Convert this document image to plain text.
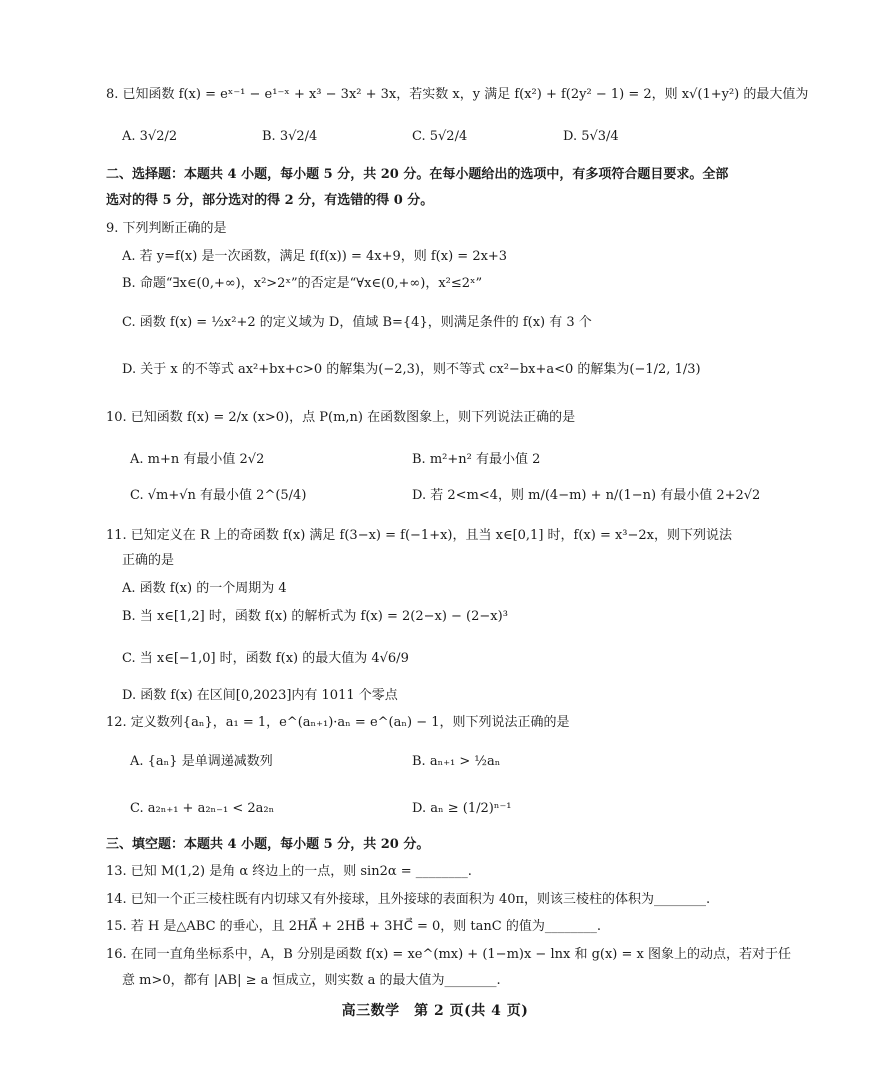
8. 已知函数 f(x) = eˣ⁻¹ − e¹⁻ˣ + x³ − 3x² + 3x，若实数 x，y 满足 f(x²) + f(2y² − 1) = 2，则 x√(1+y²) 的最大值为
A. 3√2/2	B. 3√2/4	C. 5√2/4	D. 5√3/4
二、选择题：本题共 4 小题，每小题 5 分，共 20 分。在每小题给出的选项中，有多项符合题目要求。全部
选对的得 5 分，部分选对的得 2 分，有选错的得 0 分。
9. 下列判断正确的是
A. 若 y=f(x) 是一次函数，满足 f(f(x)) = 4x+9，则 f(x) = 2x+3
B. 命题“∃x∈(0,+∞)，x²>2ˣ”的否定是“∀x∈(0,+∞)，x²≤2ˣ”
C. 函数 f(x) = ½x²+2 的定义域为 D，值域 B={4}，则满足条件的 f(x) 有 3 个
D. 关于 x 的不等式 ax²+bx+c>0 的解集为(−2,3)，则不等式 cx²−bx+a<0 的解集为(−1/2, 1/3)
10. 已知函数 f(x) = 2/x (x>0)，点 P(m,n) 在函数图象上，则下列说法正确的是
A. m+n 有最小值 2√2	B. m²+n² 有最小值 2
C. √m+√n 有最小值 2^(5/4)	D. 若 2<m<4，则 m/(4−m) + n/(1−n) 有最小值 2+2√2
11. 已知定义在 R 上的奇函数 f(x) 满足 f(3−x) = f(−1+x)，且当 x∈[0,1] 时，f(x) = x³−2x，则下列说法
正确的是
A. 函数 f(x) 的一个周期为 4
B. 当 x∈[1,2] 时，函数 f(x) 的解析式为 f(x) = 2(2−x) − (2−x)³
C. 当 x∈[−1,0] 时，函数 f(x) 的最大值为 4√6/9
D. 函数 f(x) 在区间[0,2023]内有 1011 个零点
12. 定义数列{aₙ}，a₁ = 1，e^(aₙ₊₁)·aₙ = e^(aₙ) − 1，则下列说法正确的是
A. {aₙ} 是单调递减数列	B. aₙ₊₁ > ½aₙ
C. a₂ₙ₊₁ + a₂ₙ₋₁ < 2a₂ₙ	D. aₙ ≥ (1/2)ⁿ⁻¹
三、填空题：本题共 4 小题，每小题 5 分，共 20 分。
13. 已知 M(1,2) 是角 α 终边上的一点，则 sin2α = ________.
14. 已知一个正三棱柱既有内切球又有外接球，且外接球的表面积为 40π，则该三棱柱的体积为________.
15. 若 H 是△ABC 的垂心，且 2HA⃗ + 2HB⃗ + 3HC⃗ = 0，则 tanC 的值为________.
16. 在同一直角坐标系中，A，B 分别是函数 f(x) = xe^(mx) + (1−m)x − lnx 和 g(x) = x 图象上的动点，若对于任
意 m>0，都有 |AB| ≥ a 恒成立，则实数 a 的最大值为________.
高三数学　第 2 页(共 4 页)
